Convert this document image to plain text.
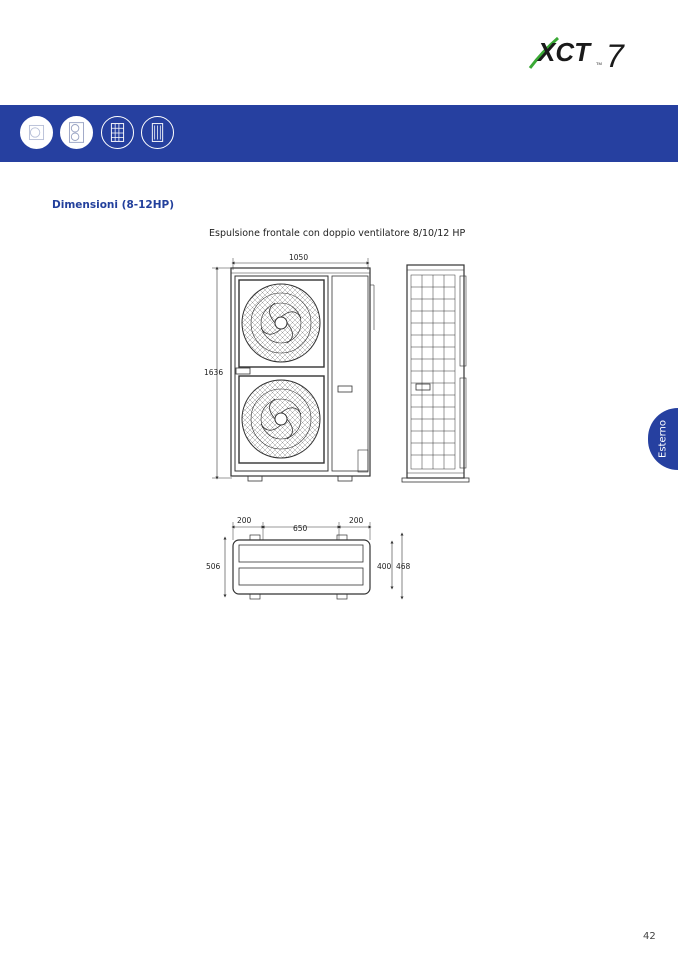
XCT	TM 7
Dimensioni (8-12HP)
Espulsione frontale con doppio ventilatore 8/10/12 HP
1050
1636
200
650
200
506	400 468
Esterno
42
